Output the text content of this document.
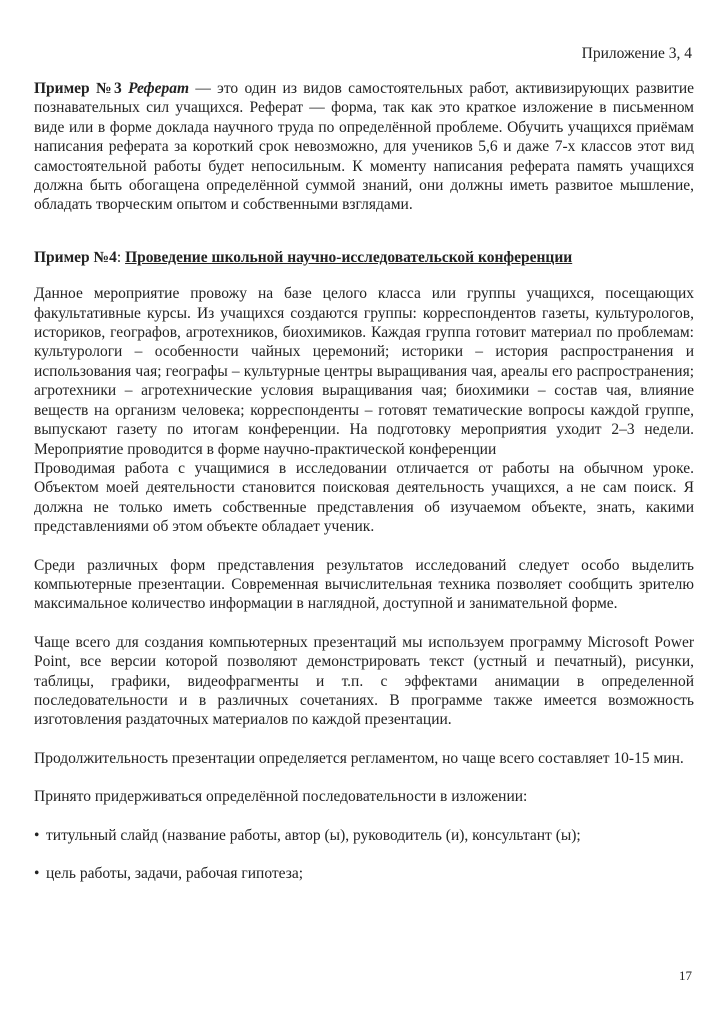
Приложение 3, 4

Пример №3 Реферат — это один из видов самостоятельных работ, активизирующих развитие познавательных сил учащихся. Реферат — форма, так как это краткое изложение в письменном виде или в форме доклада научного труда по определённой проблеме. Обучить учащихся приёмам написания реферата за короткий срок невозможно, для учеников 5,6 и даже 7-х классов этот вид самостоятельной работы будет непосильным. К моменту написания реферата память учащихся должна быть обогащена определённой суммой знаний, они должны иметь развитое мышление, обладать творческим опытом и собственными взглядами.

Пример №4: Проведение школьной научно-исследовательской конференции

Данное мероприятие провожу на базе целого класса или группы учащихся, посещающих факультативные курсы. Из учащихся создаются группы: корреспондентов газеты, культурологов, историков, географов, агротехников, биохимиков. Каждая группа готовит материал по проблемам: культурологи – особенности чайных церемоний; историки – история распространения и использования чая; географы – культурные центры выращивания чая, ареалы его распространения; агротехники – агротехнические условия выращивания чая; биохимики – состав чая, влияние веществ на организм человека; корреспонденты – готовят тематические вопросы каждой группе, выпускают газету по итогам конференции. На подготовку мероприятия уходит 2–3 недели. Мероприятие проводится в форме научно-практической конференции

Проводимая работа с учащимися в исследовании отличается от работы на обычном уроке. Объектом моей деятельности становится поисковая деятельность учащихся, а не сам поиск. Я должна не только иметь собственные представления об изучаемом объекте, знать, какими представлениями об этом объекте обладает ученик.

Среди различных форм представления результатов исследований следует особо выделить компьютерные презентации. Современная вычислительная техника позволяет сообщить зрителю максимальное количество информации в наглядной, доступной и занимательной форме.

Чаще всего для создания компьютерных презентаций мы используем программу Microsoft Power Point, все версии которой позволяют демонстрировать текст (устный и печатный), рисунки, таблицы, графики, видеофрагменты и т.п. с эффектами анимации в определенной последовательности и в различных сочетаниях. В программе также имеется возможность изготовления раздаточных материалов по каждой презентации.

Продолжительность презентации определяется регламентом, но чаще всего составляет 10-15 мин.

Принято придерживаться определённой последовательности в изложении:

• титульный слайд (название работы, автор (ы), руководитель (и), консультант (ы);

• цель работы, задачи, рабочая гипотеза;

17
